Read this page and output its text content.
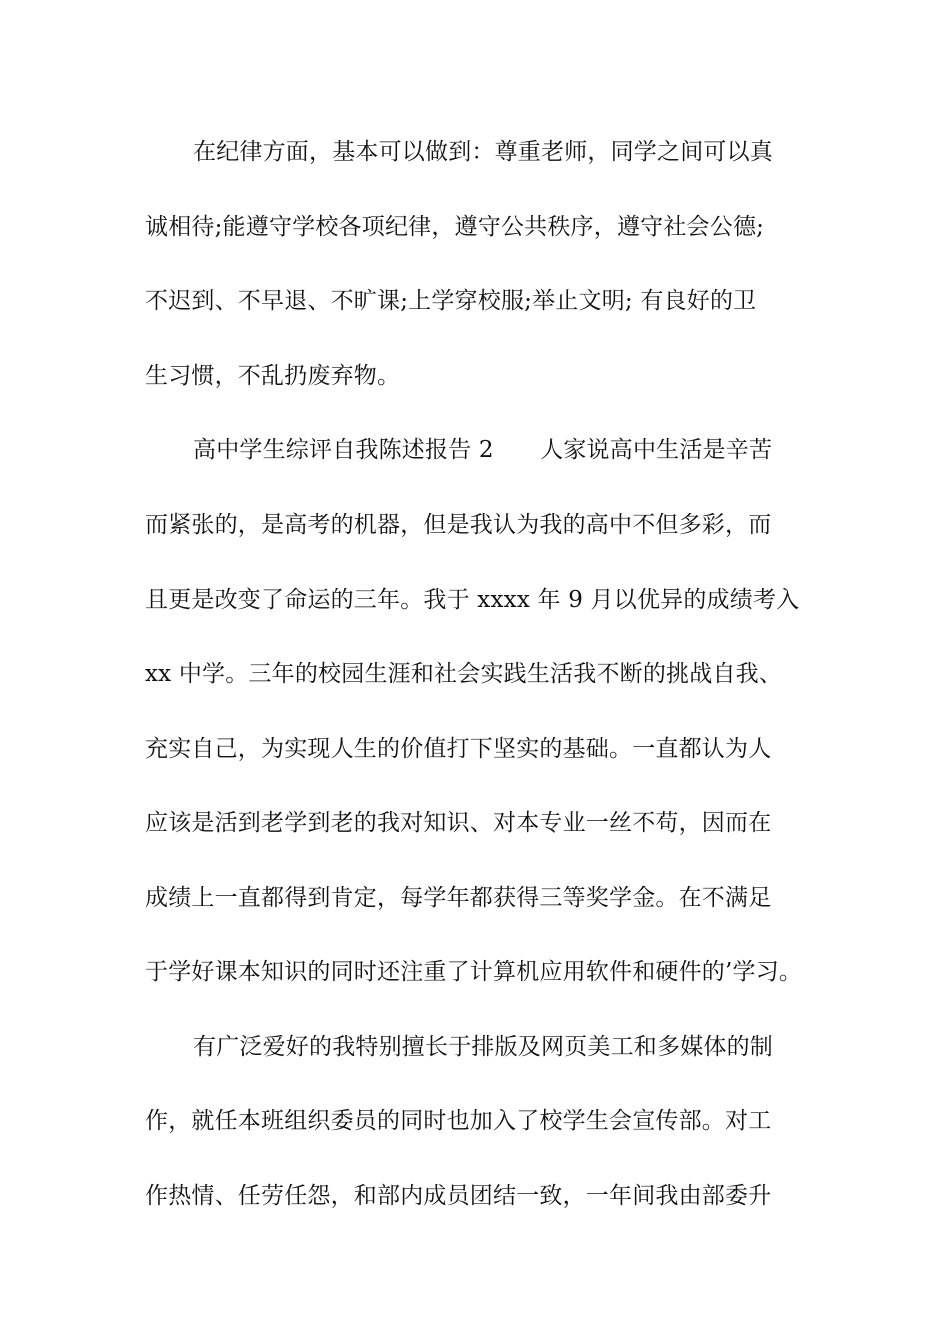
在纪律方面，基本可以做到：尊重老师，同学之间可以真
诚相待;能遵守学校各项纪律，遵守公共秩序，遵守社会公德;
不迟到、不早退、不旷课;上学穿校服;举止文明; 有良好的卫
生习惯，不乱扔废弃物。
高中学生综评自我陈述报告 2　　人家说高中生活是辛苦
而紧张的，是高考的机器，但是我认为我的高中不但多彩，而
且更是改变了命运的三年。我于 xxxx 年 9 月以优异的成绩考入
xx 中学。三年的校园生涯和社会实践生活我不断的挑战自我、
充实自己，为实现人生的价值打下坚实的基础。一直都认为人
应该是活到老学到老的我对知识、对本专业一丝不苟，因而在
成绩上一直都得到肯定，每学年都获得三等奖学金。在不满足
于学好课本知识的同时还注重了计算机应用软件和硬件的’学习。
有广泛爱好的我特别擅长于排版及网页美工和多媒体的制
作，就任本班组织委员的同时也加入了校学生会宣传部。对工
作热情、任劳任怨，和部内成员团结一致，一年间我由部委升
